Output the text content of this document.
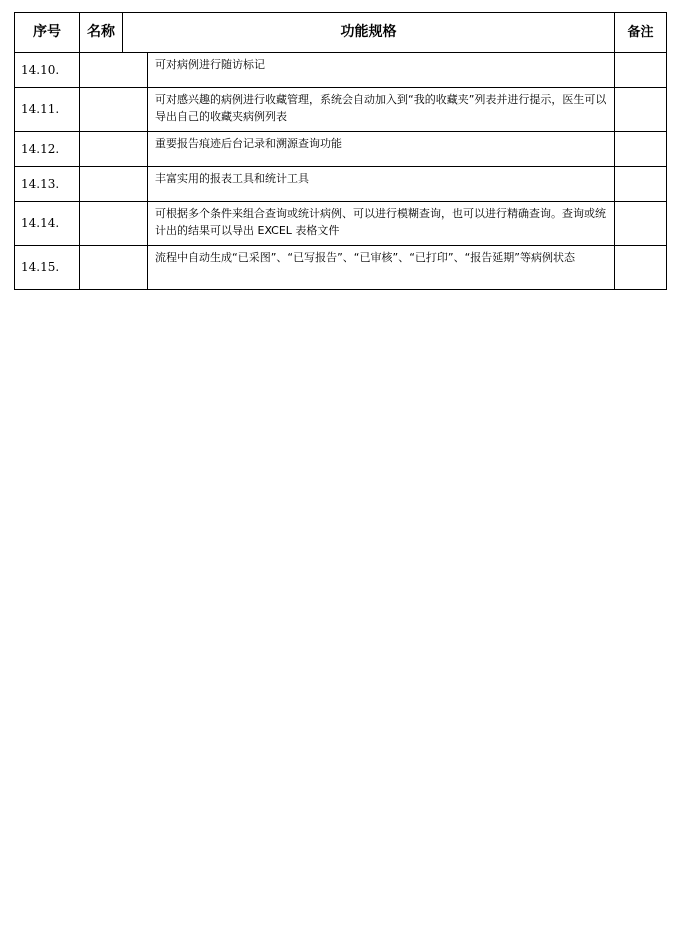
序号	名称	功能规格		备注
14.10.			可对病例进行随访标记	
14.11.			可对感兴趣的病例进行收藏管理，系统会自动加入到“我的收藏夹”列表并进行提示，医生可以导出自己的收藏夹病例列表	
14.12.			重要报告痕迹后台记录和溯源查询功能	
14.13.			丰富实用的报表工具和统计工具	
14.14.			可根据多个条件来组合查询或统计病例、可以进行模糊查询，也可以进行精确查询。查询或统计出的结果可以导出 EXCEL 表格文件	
14.15.			流程中自动生成“已采图”、“已写报告”、“已审核”、“已打印”、“报告延期”等病例状态	
